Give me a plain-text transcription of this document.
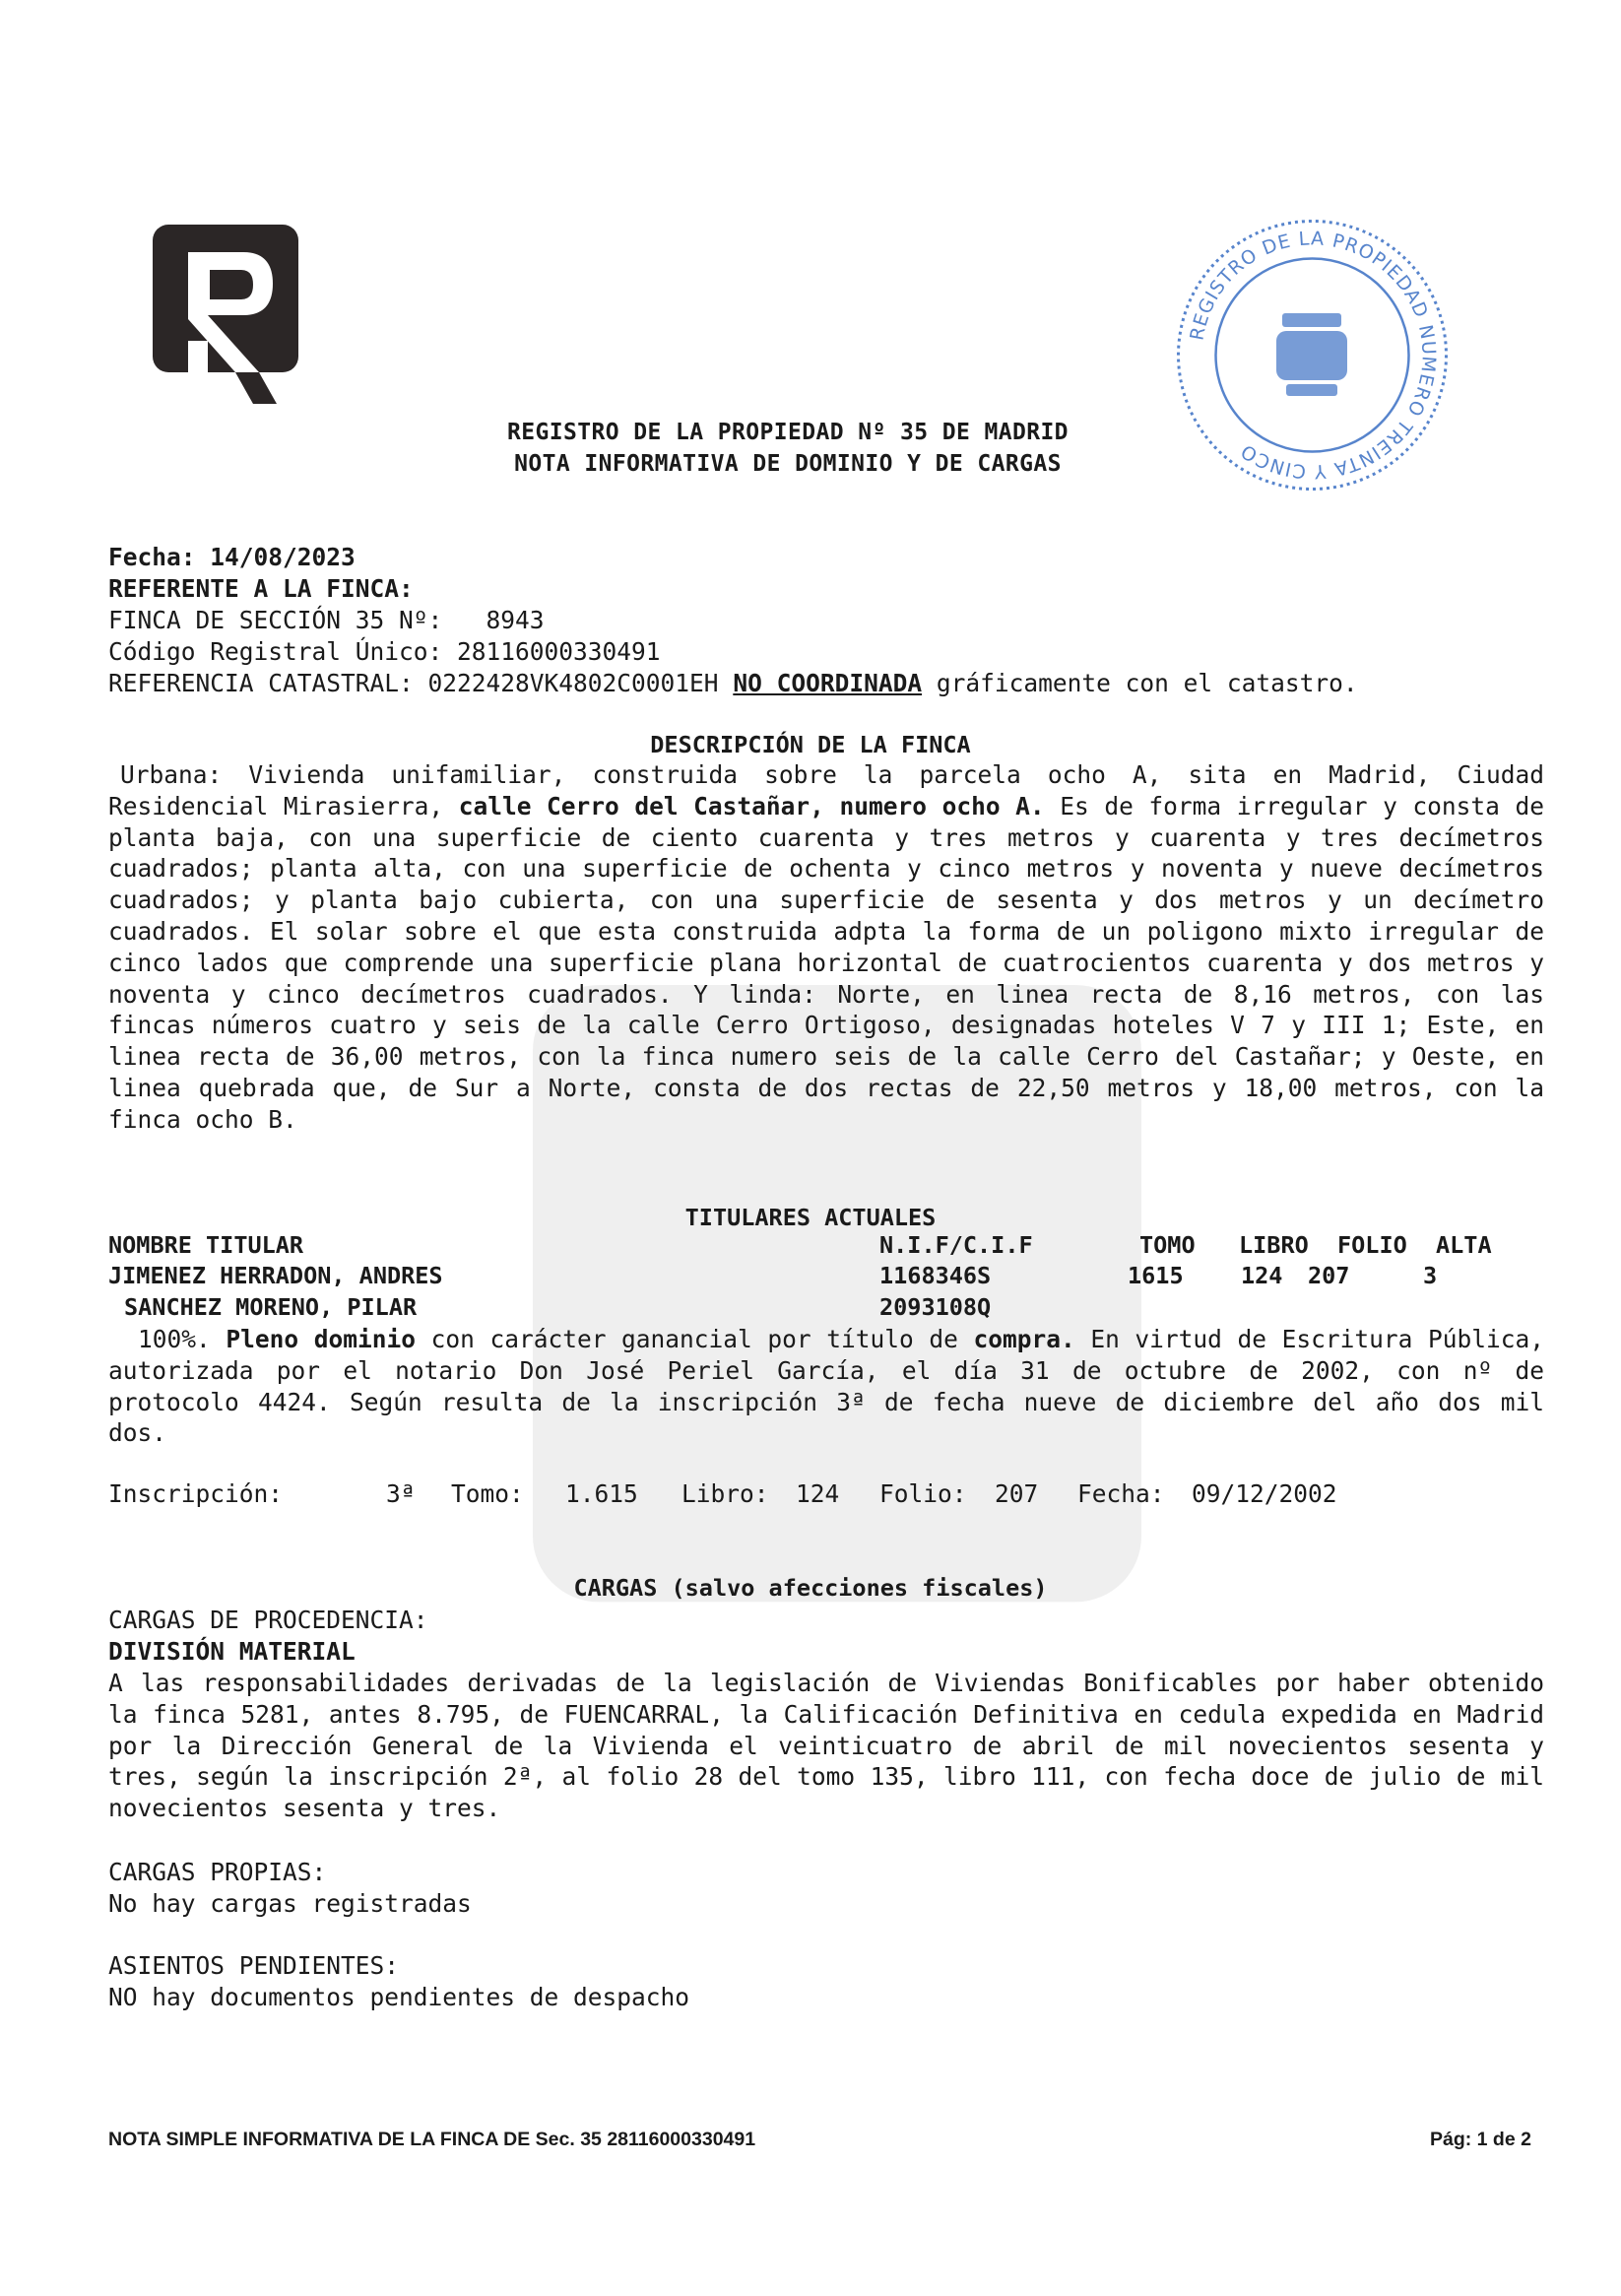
REGISTRO DE LA PROPIEDAD NUMERO TREINTA Y CINCO
REGISTRO DE LA PROPIEDAD Nº 35 DE MADRID
NOTA INFORMATIVA DE DOMINIO Y DE CARGAS
Fecha: 14/08/2023
REFERENTE A LA FINCA:
FINCA DE SECCIÓN 35 Nº: 8943
Código Registral Único: 28116000330491
REFERENCIA CATASTRAL: 0222428VK4802C0001EH NO COORDINADA gráficamente con el catastro.
DESCRIPCIÓN DE LA FINCA
Urbana: Vivienda unifamiliar, construida sobre la parcela ocho A, sita en Madrid, Ciudad Residencial Mirasierra, calle Cerro del Castañar, numero ocho A. Es de forma irregular y consta de planta baja, con una superficie de ciento cuarenta y tres metros y cuarenta y tres decímetros cuadrados; planta alta, con una superficie de ochenta y cinco metros y noventa y nueve decímetros cuadrados; y planta bajo cubierta, con una superficie de sesenta y dos metros y un decímetro cuadrados. El solar sobre el que esta construida adpta la forma de un poligono mixto irregular de cinco lados que comprende una superficie plana horizontal de cuatrocientos cuarenta y dos metros y noventa y cinco decímetros cuadrados. Y linda: Norte, en linea recta de 8,16 metros, con las fincas números cuatro y seis de la calle Cerro Ortigoso, designadas hoteles V 7 y III 1; Este, en linea recta de 36,00 metros, con la finca numero seis de la calle Cerro del Castañar; y Oeste, en linea quebrada que, de Sur a Norte, consta de dos rectas de 22,50 metros y 18,00 metros, con la finca ocho B.
TITULARES ACTUALES
NOMBRE TITULAR	N.I.F/C.I.F	TOMO LIBRO FOLIO ALTA
JIMENEZ HERRADON, ANDRES	1168346S	1615 124 207	3
SANCHEZ MORENO, PILAR	2093108Q
100%. Pleno dominio con carácter ganancial por título de compra. En virtud de Escritura Pública, autorizada por el notario Don José Periel García, el día 31 de octubre de 2002, con nº de protocolo 4424. Según resulta de la inscripción 3ª de fecha nueve de diciembre del año dos mil dos.
Inscripción:	3ª Tomo: 1.615 Libro: 124 Folio: 207 Fecha: 09/12/2002
CARGAS (salvo afecciones fiscales)
CARGAS DE PROCEDENCIA:
DIVISIÓN MATERIAL
A las responsabilidades derivadas de la legislación de Viviendas Bonificables por haber obtenido la finca 5281, antes 8.795, de FUENCARRAL, la Calificación Definitiva en cedula expedida en Madrid por la Dirección General de la Vivienda el veinticuatro de abril de mil novecientos sesenta y tres, según la inscripción 2ª, al folio 28 del tomo 135, libro 111, con fecha doce de julio de mil novecientos sesenta y tres.
CARGAS PROPIAS:
No hay cargas registradas
ASIENTOS PENDIENTES:
NO hay documentos pendientes de despacho
NOTA SIMPLE INFORMATIVA DE LA FINCA DE Sec. 35 28116000330491	Pág: 1 de 2
